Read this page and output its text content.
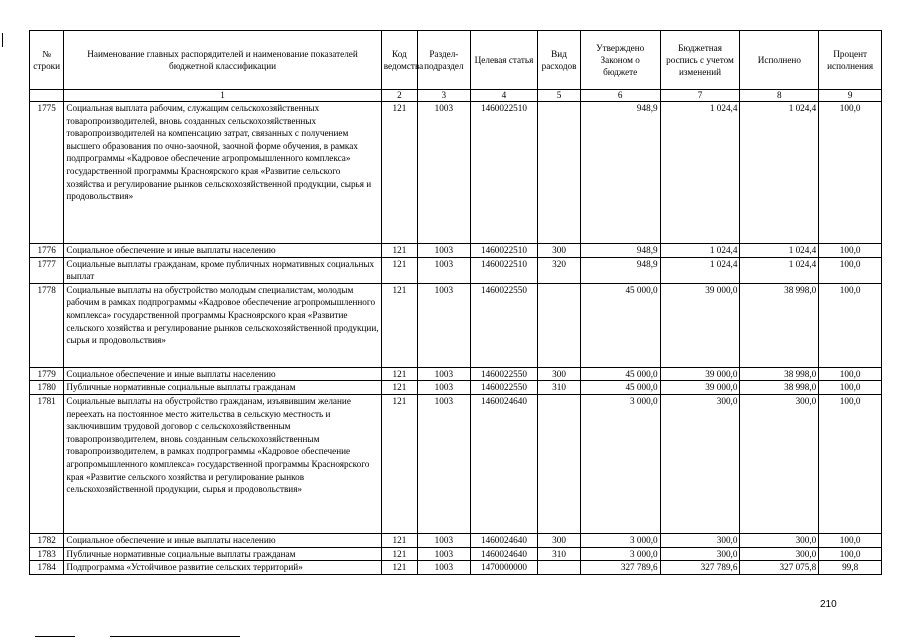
№ строки	Наименование главных распорядителей и наименование показателей бюджетной классификации	Код ведомства	Раздел-подраздел	Целевая статья	Вид расходов	Утверждено Законом о бюджете	Бюджетная роспись с учетом изменений	Исполнено	Процент исполнения
	1	2	3	4	5	6	7	8	9
1775	Социальная выплата рабочим, служащим сельскохозяйственных товаропроизводителей, вновь созданных сельскохозяйственных товаропроизводителей на компенсацию затрат, связанных с получением высшего образования по очно-заочной, заочной форме обучения, в рамках подпрограммы «Кадровое обеспечение агропромышленного комплекса» государственной программы Красноярского края «Развитие сельского хозяйства и регулирование рынков сельскохозяйственной продукции, сырья и продовольствия»	121	1003	1460022510		948,9	1 024,4	1 024,4	100,0
1776	Социальное обеспечение и иные выплаты населению	121	1003	1460022510	300	948,9	1 024,4	1 024,4	100,0
1777	Социальные выплаты гражданам, кроме публичных нормативных социальных выплат	121	1003	1460022510	320	948,9	1 024,4	1 024,4	100,0
1778	Социальные выплаты на обустройство молодым специалистам, молодым рабочим в рамках подпрограммы «Кадровое обеспечение агропромышленного комплекса» государственной программы Красноярского края «Развитие сельского хозяйства и регулирование рынков сельскохозяйственной продукции, сырья и продовольствия»	121	1003	1460022550		45 000,0	39 000,0	38 998,0	100,0
1779	Социальное обеспечение и иные выплаты населению	121	1003	1460022550	300	45 000,0	39 000,0	38 998,0	100,0
1780	Публичные нормативные социальные выплаты гражданам	121	1003	1460022550	310	45 000,0	39 000,0	38 998,0	100,0
1781	Социальные выплаты на обустройство гражданам, изъявившим желание переехать на постоянное место жительства в сельскую местность и заключившим трудовой договор с сельскохозяйственным товаропроизводителем, вновь созданным сельскохозяйственным товаропроизводителем, в рамках подпрограммы «Кадровое обеспечение агропромышленного комплекса» государственной программы Красноярского края «Развитие сельского хозяйства и регулирование рынков сельскохозяйственной продукции, сырья и продовольствия»	121	1003	1460024640		3 000,0	300,0	300,0	100,0
1782	Социальное обеспечение и иные выплаты населению	121	1003	1460024640	300	3 000,0	300,0	300,0	100,0
1783	Публичные нормативные социальные выплаты гражданам	121	1003	1460024640	310	3 000,0	300,0	300,0	100,0
1784	Подпрограмма «Устойчивое развитие сельских территорий»	121	1003	1470000000		327 789,6	327 789,6	327 075,8	99,8
210
